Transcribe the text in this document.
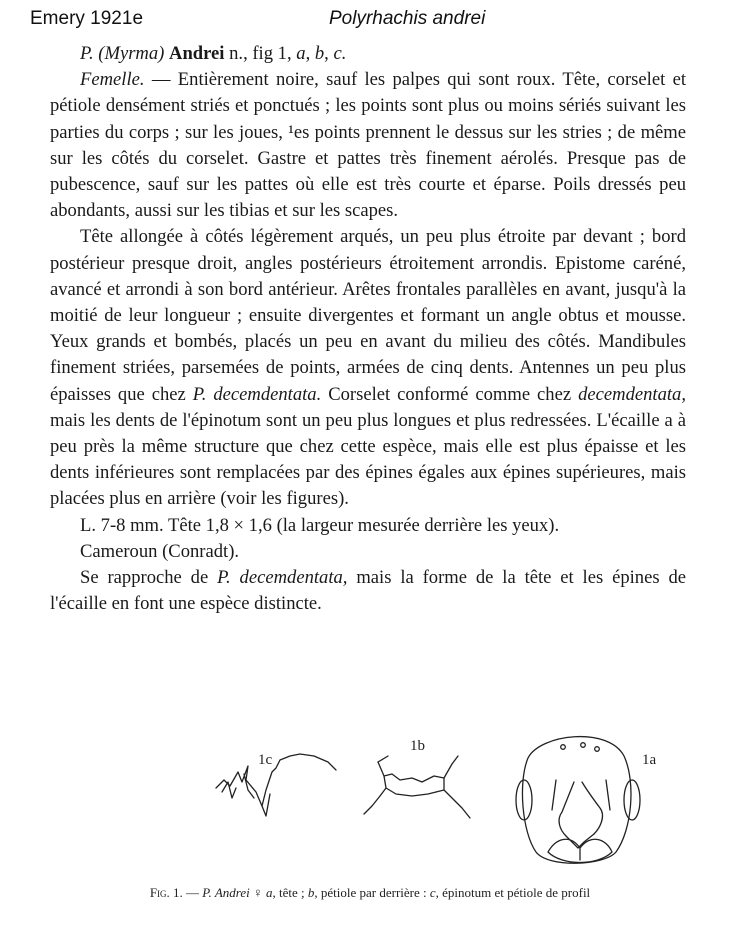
Emery 1921e	Polyrhachis andrei

P. (Myrma) Andrei n., fig 1, a, b, c.

Femelle. — Entièrement noire, sauf les palpes qui sont roux. Tête, corselet et pétiole densément striés et ponctués ; les points sont plus ou moins sériés suivant les parties du corps ; sur les joues, ¹es points prennent le dessus sur les stries ; de même sur les côtés du corselet. Gastre et pattes très finement aérolés. Presque pas de pubescence, sauf sur les pattes où elle est très courte et éparse. Poils dressés peu abondants, aussi sur les tibias et sur les scapes.

Tête allongée à côtés légèrement arqués, un peu plus étroite par devant ; bord postérieur presque droit, angles postérieurs étroitement arrondis. Epistome caréné, avancé et arrondi à son bord antérieur. Arêtes frontales parallèles en avant, jusqu'à la moitié de leur longueur ; ensuite divergentes et formant un angle obtus et mousse. Yeux grands et bombés, placés un peu en avant du milieu des côtés. Mandibules finement striées, parsemées de points, armées de cinq dents. Antennes un peu plus épaisses que chez P. decemdentata. Corselet conformé comme chez decemdentata, mais les dents de l'épinotum sont un peu plus longues et plus redressées. L'écaille a à peu près la même structure que chez cette espèce, mais elle est plus épaisse et les dents inférieures sont remplacées par des épines égales aux épines supérieures, mais placées plus en arrière (voir les figures).

L. 7-8 mm. Tête 1,8 × 1,6 (la largeur mesurée derrière les yeux).

Cameroun (Conradt).

Se rapproche de P. decemdentata, mais la forme de la tête et les épines de l'écaille en font une espèce distincte.

1c
1b
1a
Fig. 1. — P. Andrei ♀ a, tête ; b, pétiole par derrière : c, épinotum et pétiole de profil
